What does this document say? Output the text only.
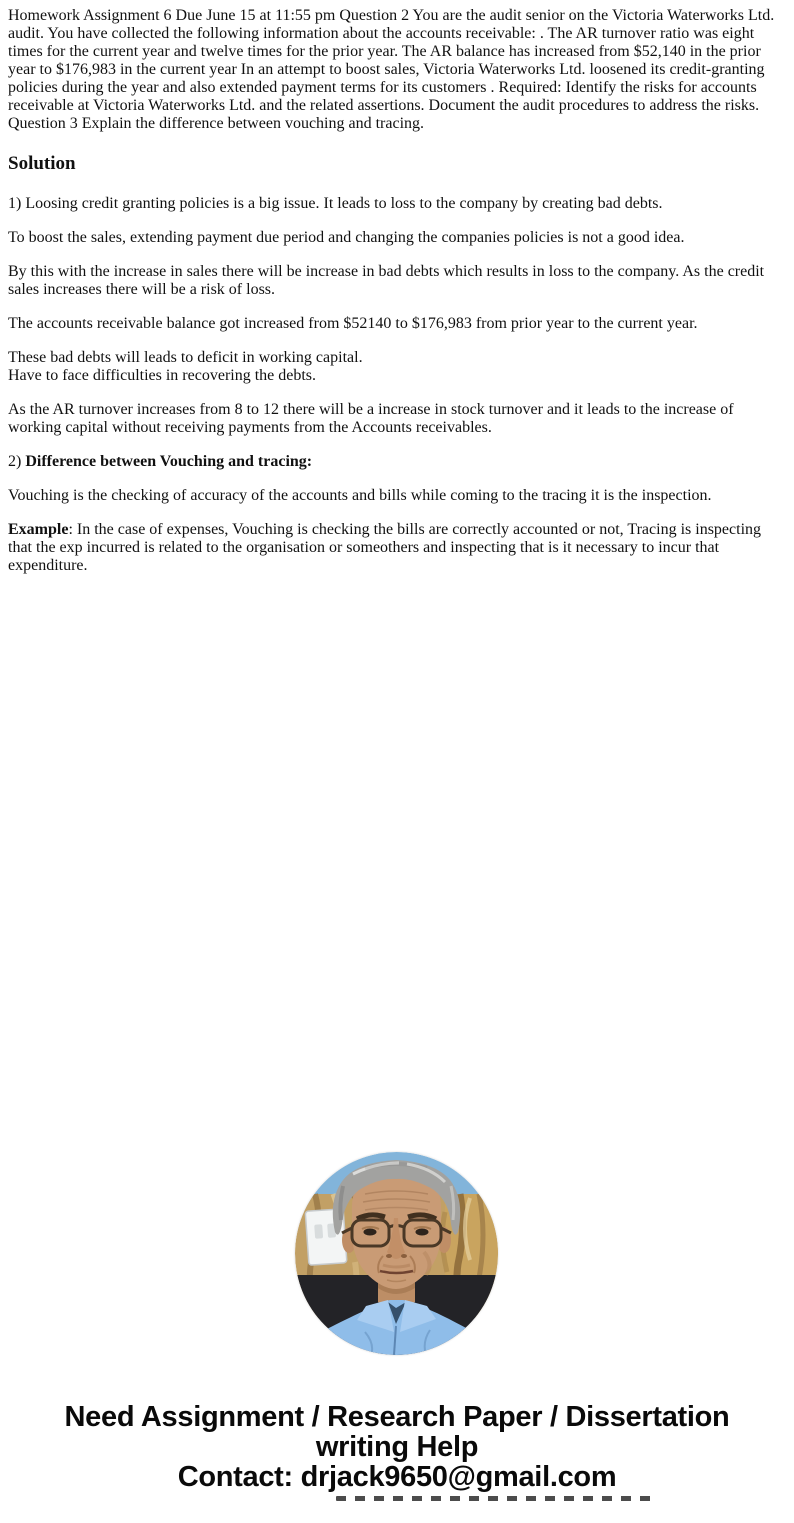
Homework Assignment 6 Due June 15 at 11:55 pm Question 2 You are the audit senior on the Victoria Waterworks Ltd. audit. You have collected the following information about the accounts receivable: . The AR turnover ratio was eight times for the current year and twelve times for the prior year. The AR balance has increased from $52,140 in the prior year to $176,983 in the current year In an attempt to boost sales, Victoria Waterworks Ltd. loosened its credit-granting policies during the year and also extended payment terms for its customers . Required: Identify the risks for accounts receivable at Victoria Waterworks Ltd. and the related assertions. Document the audit procedures to address the risks. Question 3 Explain the difference between vouching and tracing.

Solution

1) Loosing credit granting policies is a big issue. It leads to loss to the company by creating bad debts.

To boost the sales, extending payment due period and changing the companies policies is not a good idea.

By this with the increase in sales there will be increase in bad debts which results in loss to the company. As the credit sales increases there will be a risk of loss.

The accounts receivable balance got increased from $52140 to $176,983 from prior year to the current year.

These bad debts will leads to deficit in working capital.
Have to face difficulties in recovering the debts.

As the AR turnover increases from 8 to 12 there will be a increase in stock turnover and it leads to the increase of working capital without receiving payments from the Accounts receivables.

2) Difference between Vouching and tracing:

Vouching is the checking of accuracy of the accounts and bills while coming to the tracing it is the inspection.

Example: In the case of expenses, Vouching is checking the bills are correctly accounted or not, Tracing is inspecting that the exp incurred is related to the organisation or someothers and inspecting that is it necessary to incur that expenditure.

Need Assignment / Research Paper / Dissertation
writing Help
Contact: drjack9650@gmail.com
